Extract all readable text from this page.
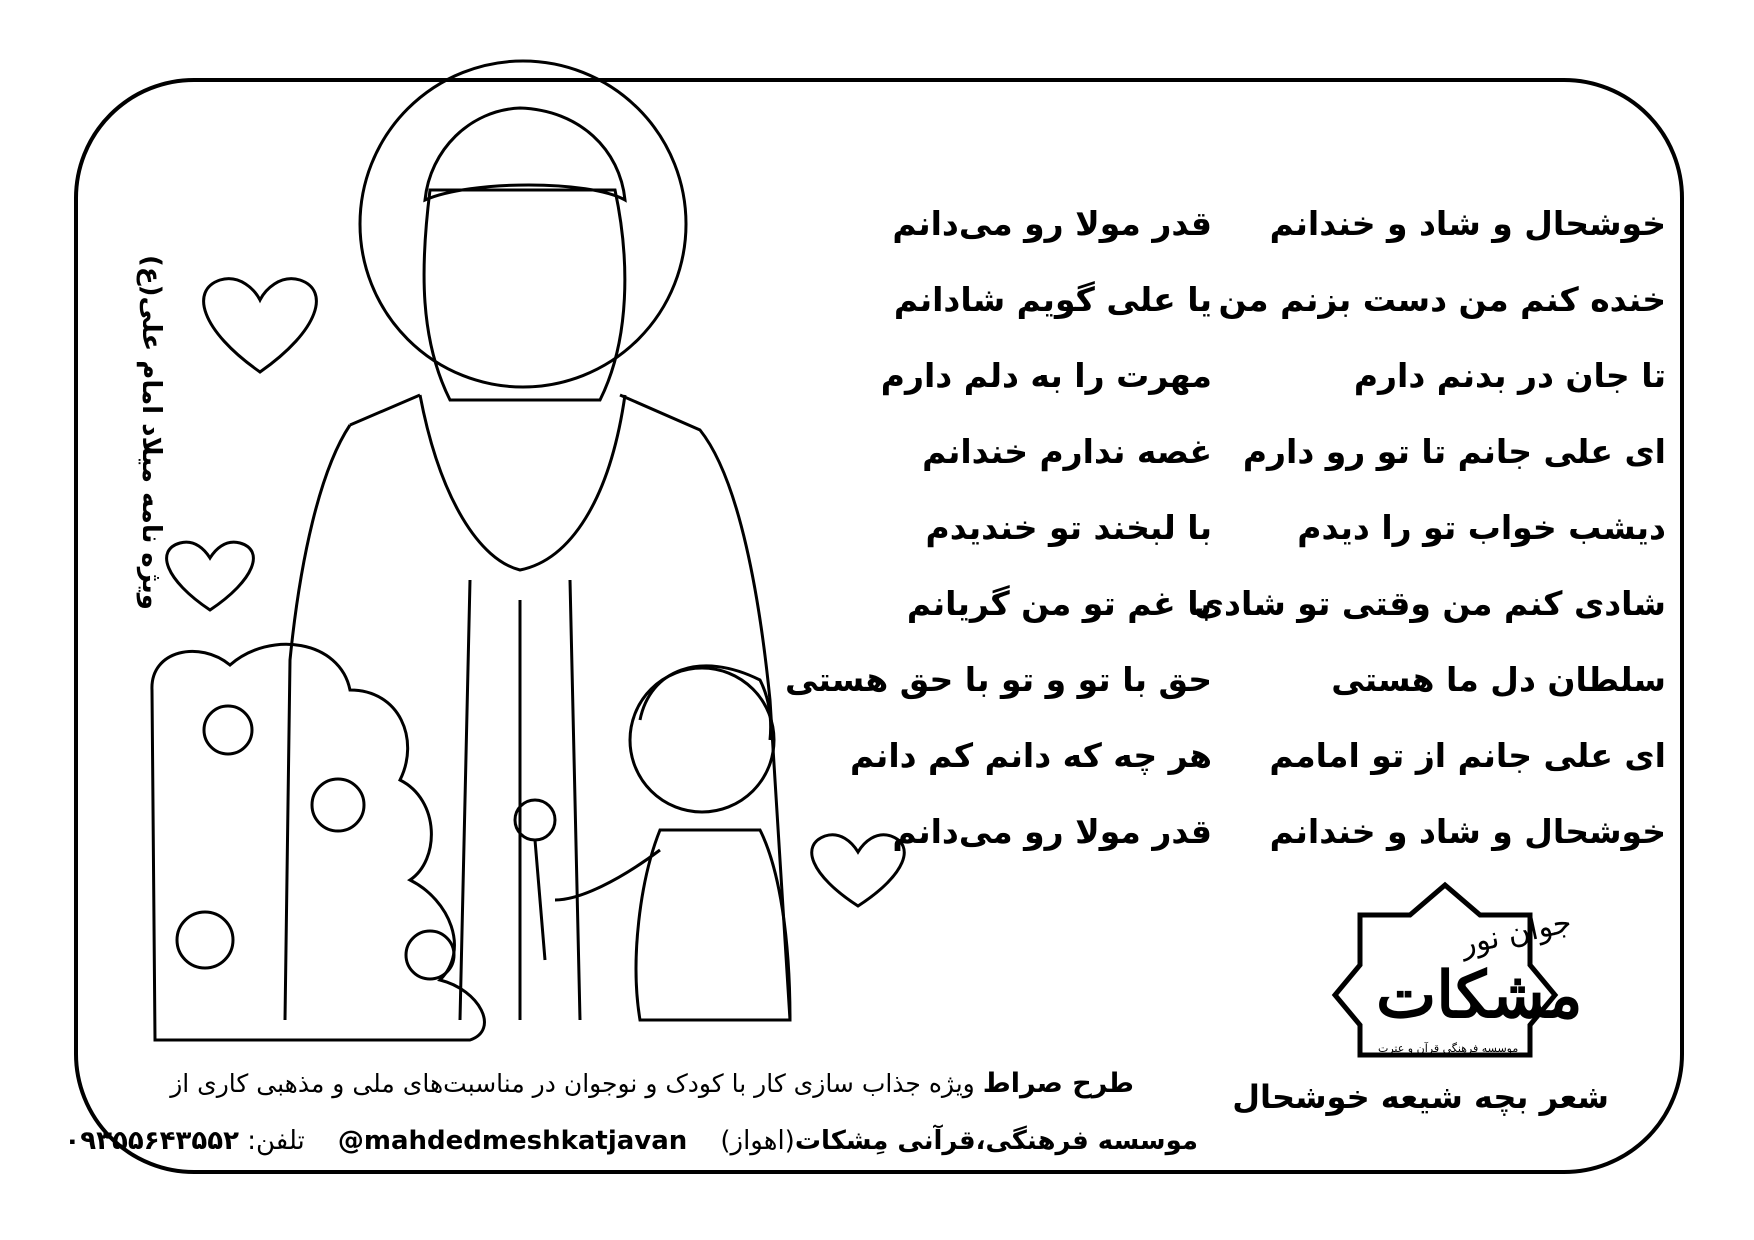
ویژه نامه میلاد امام علی(ع)
خوشحال و شاد و خندانم
خنده کنم من دست بزنم من
تا جان در بدنم دارم
ای علی جانم تا تو رو دارم
دیشب خواب تو را دیدم
شادی کنم من وقتی تو شادی
سلطان دل ما هستی
ای علی جانم از تو امامم
خوشحال و شاد و خندانم
قدر مولا رو می‌دانم
یا علی گویم شادانم
مهرت را به دلم دارم
غصه ندارم خندانم
با لبخند تو خندیدم
با غم تو من گریانم
حق با تو و تو با حق هستی
هر چه که دانم کم دانم
قدر مولا رو می‌دانم
جوان نور
مشکات
موسسه فرهنگی قرآن و عترت
شعر بچه شیعه خوشحال
طرح صراط ویژه جذاب سازی کار با کودک و نوجوان در مناسبت‌های ملی و مذهبی کاری از
موسسه فرهنگی،قرآنی مِشکات(اهواز)    @mahdedmeshkatjavan    تلفن: ۰۹۳۵۵۶۴۳۵۵۲
